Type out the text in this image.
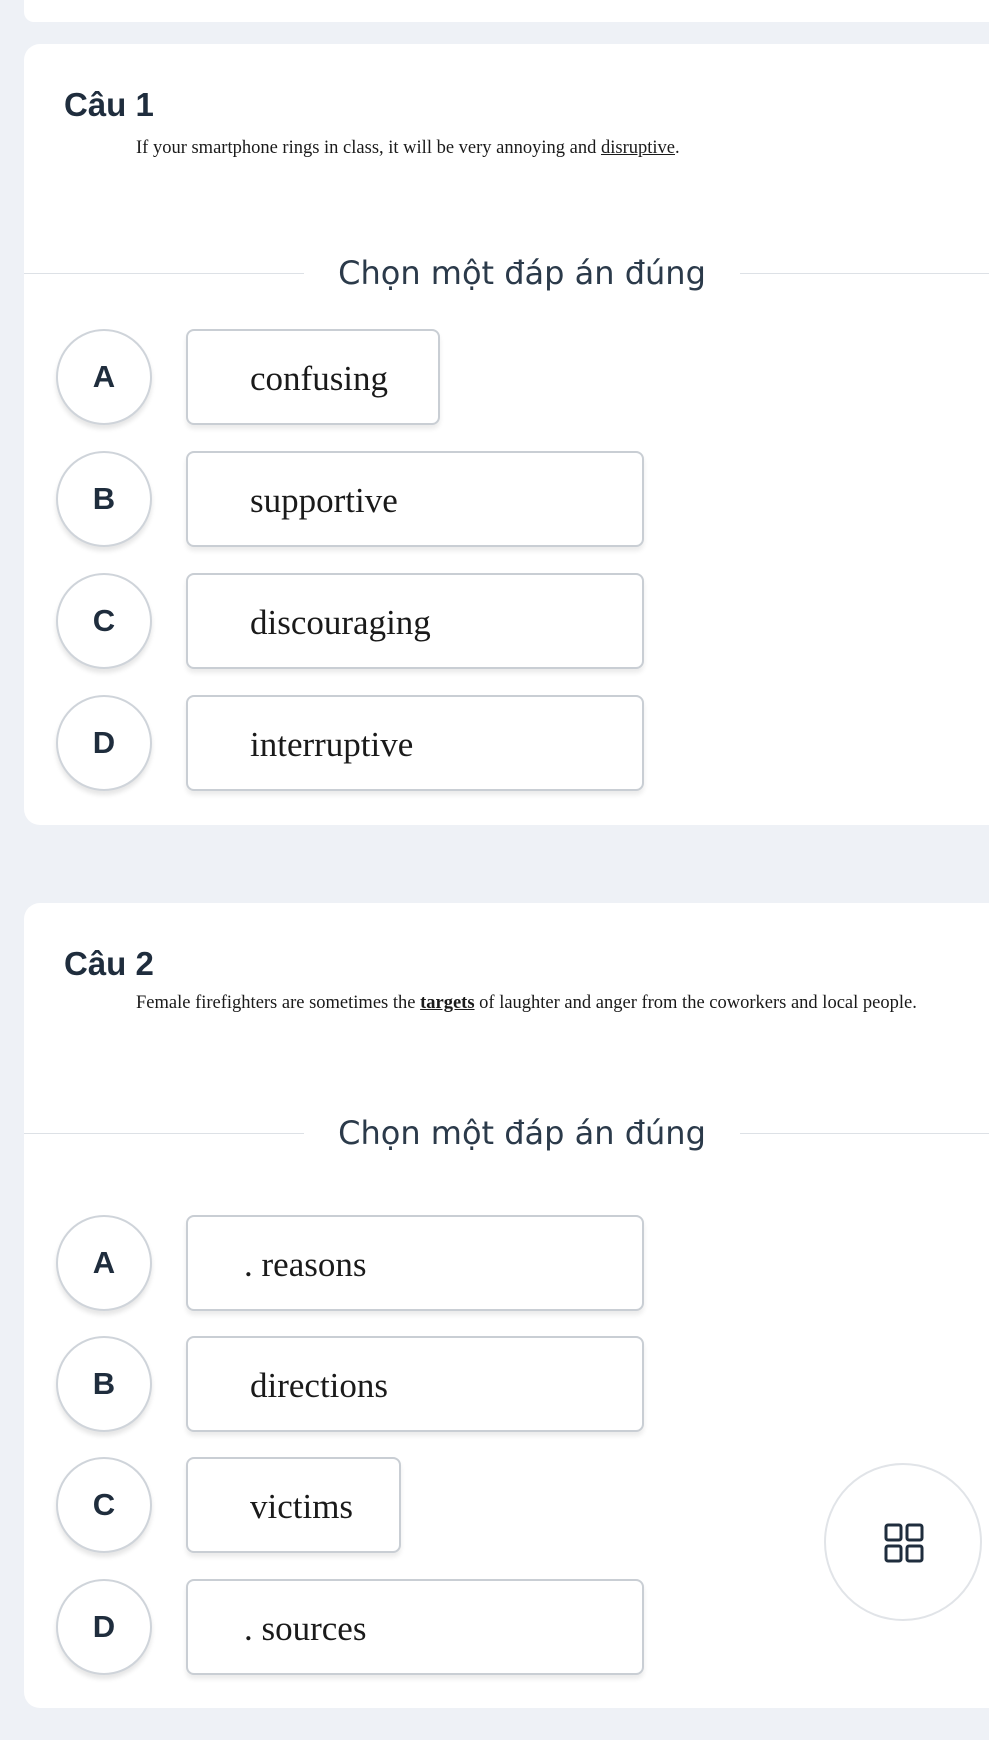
Câu 1

If your smartphone rings in class, it will be very annoying and disruptive.

Chọn một đáp án đúng
A	confusing
B	supportive
C	discouraging
D	interruptive
Câu 2

Female firefighters are sometimes the targets of laughter and anger from the coworkers and local people.

Chọn một đáp án đúng
A	. reasons
B	directions
C	victims
D	. sources
